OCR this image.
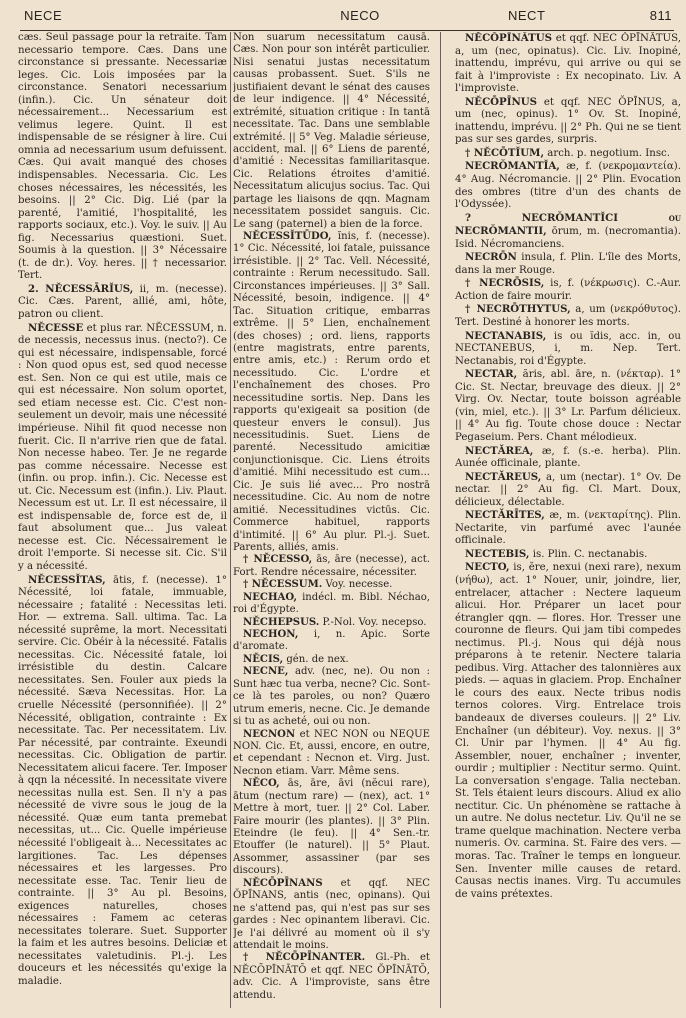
NECE	NECO	NECT	811

cæs. Seul passage pour la retraite. Tam necessario tempore. Cæs. Dans une circonstance si pressante. Necessariæ leges. Cic. Lois imposées par la circonstance. Senatori necessarium (infin.). Cic. Un sénateur doit nécessairement... Necessarium est velimus legere. Quint. Il est indispensable de se résigner à lire. Cui omnia ad necessarium usum defuissent. Cæs. Qui avait manqué des choses indispensables. Necessaria. Cic. Les choses nécessaires, les nécessités, les besoins. || 2° Cic. Dig. Lié (par la parenté, l'amitié, l'hospitalité, les rapports sociaux, etc.). Voy. le suiv. || Au fig. Necessarius quæstioni. Suet. Soumis à la question. || 3° Nécessaire (t. de dr.). Voy. heres. || † necessarior. Tert.

2. NĔCESSĀRĬUS, ii, m. (necesse). Cic. Cæs. Parent, allié, ami, hôte, patron ou client.

NĔCESSE et plus rar. NĔCESSUM, n. de necessis, necessus inus. (necto?). Ce qui est nécessaire, indispensable, forcé : Non quod opus est, sed quod necesse est. Sen. Non ce qui est utile, mais ce qui est nécessaire. Non solum oportet, sed etiam necesse est. Cic. C'est non-seulement un devoir, mais une nécessité impérieuse. Nihil fit quod necesse non fuerit. Cic. Il n'arrive rien que de fatal. Non necesse habeo. Ter. Je ne regarde pas comme nécessaire. Necesse est (infin. ou prop. infin.). Cic. Necesse est ut. Cic. Necessum est (infin.). Liv. Plaut. Necessum est ut. Lr. Il est nécessaire, il est indispensable de, force est de, il faut absolument que... Jus valeat necesse est. Cic. Nécessairement le droit l'emporte. Si necesse sit. Cic. S'il y a nécessité.

NĔCESSĬTAS, ātis, f. (necesse). 1° Nécessité, loi fatale, immuable, nécessaire ; fatalité : Necessitas leti. Hor. — extrema. Sall. ultima. Tac. La nécessité suprême, la mort. Necessitati servire. Cic. Obéir à la nécessité. Fatalis necessitas. Cic. Nécessité fatale, loi irrésistible du destin. Calcare necessitates. Sen. Fouler aux pieds la nécessité. Sæva Necessitas. Hor. La cruelle Nécessité (personnifiée). || 2° Nécessité, obligation, contrainte : Ex necessitate. Tac. Per necessitatem. Liv. Par nécessité, par contrainte. Exeundi necessitas. Cic. Obligation de partir. Necessitatem alicui facere. Ter. Imposer à qqn la nécessité. In necessitate vivere necessitas nulla est. Sen. Il n'y a pas nécessité de vivre sous le joug de la nécessité. Quæ eum tanta premebat necessitas, ut... Cic. Quelle impérieuse nécessité l'obligeait à... Necessitates ac largitiones. Tac. Les dépenses nécessaires et les largesses. Pro necessitate esse. Tac. Tenir lieu de contrainte. || 3° Au pl. Besoins, exigences naturelles, choses nécessaires : Famem ac ceteras necessitates tolerare. Suet. Supporter la faim et les autres besoins. Deliciæ et necessitates valetudinis. Pl.-j. Les douceurs et les nécessités qu'exige la maladie.

Non suarum necessitatum causā. Cæs. Non pour son intérêt particulier. Nisi senatui justas necessitatum causas probassent. Suet. S'ils ne justifiaient devant le sénat des causes de leur indigence. || 4° Nécessité, extrémité, situation critique : In tantā necessitate. Tac. Dans une semblable extrémité. || 5° Veg. Maladie sérieuse, accident, mal. || 6° Liens de parenté, d'amitié : Necessitas familiaritasque. Cic. Relations étroites d'amitié. Necessitatum alicujus socius. Tac. Qui partage les liaisons de qqn. Magnam necessitatem possidet sanguis. Cic. Le sang (paternel) a bien de la force.

NĔCESSĬTŪDO, ĭnis, f. (necesse). 1° Cic. Nécessité, loi fatale, puissance irrésistible. || 2° Tac. Vell. Nécessité, contrainte : Rerum necessitudo. Sall. Circonstances impérieuses. || 3° Sall. Nécessité, besoin, indigence. || 4° Tac. Situation critique, embarras extrême. || 5° Lien, enchaînement (des choses) ; ord. liens, rapports (entre magistrats, entre parents, entre amis, etc.) : Rerum ordo et necessitudo. Cic. L'ordre et l'enchaînement des choses. Pro necessitudine sortis. Nep. Dans les rapports qu'exigeait sa position (de questeur envers le consul). Jus necessitudinis. Suet. Liens de parenté. Necessitudo amicitiæ conjunctionisque. Cic. Liens étroits d'amitié. Mihi necessitudo est cum... Cic. Je suis lié avec... Pro nostrā necessitudine. Cic. Au nom de notre amitié. Necessitudines victūs. Cic. Commerce habituel, rapports d'intimité. || 6° Au plur. Pl.-j. Suet. Parents, alliés, amis.

† NĔCESSO, ās, āre (necesse), act. Fort. Rendre nécessaire, nécessiter.

† NĔCESSUM. Voy. necesse.

NECHAO, indécl. m. Bibl. Néchao, roi d'Égypte.

NĔCHEPSUS. P.-Nol. Voy. necepso.

NECHON, i, n. Apic. Sorte d'aromate.

NĔCIS, gén. de nex.

NECNE, adv. (nec, ne). Ou non : Sunt hæc tua verba, necne? Cic. Sont-ce là tes paroles, ou non? Quæro utrum emeris, necne. Cic. Je demande si tu as acheté, oui ou non.

NECNON et NEC NON ou NEQUE NON. Cic. Et, aussi, encore, en outre, et cependant : Necnon et. Virg. Just. Necnon etiam. Varr. Même sens.

NĔCO, ās, āre, āvi (nĕcui rare), ātum (nectum rare) — (nex), act. 1° Mettre à mort, tuer. || 2° Col. Laber. Faire mourir (les plantes). || 3° Plin. Eteindre (le feu). || 4° Sen.-tr. Etouffer (le naturel). || 5° Plaut. Assommer, assassiner (par ses discours).

NĔCŌPĪNANS et qqf. NEC ŎPĪNANS, antis (nec, opinans). Qui ne s'attend pas, qui n'est pas sur ses gardes : Nec opinantem liberavi. Cic. Je l'ai délivré au moment où il s'y attendait le moins.

† NĔCŌPĪNANTER. Gl.-Ph. et NĔCŌPĪNĀTŌ et qqf. NEC ŎPĪNĀTŌ, adv. Cic. A l'improviste, sans être attendu.

NĔCŌPĪNĀTUS et qqf. NEC ŎPĪNĀTUS, a, um (nec, opinatus). Cic. Liv. Inopiné, inattendu, imprévu, qui arrive ou qui se fait à l'improviste : Ex necopinato. Liv. A l'improviste.

NĔCŌPĪNUS et qqf. NEC ŎPĪNUS, a, um (nec, opinus). 1° Ov. St. Inopiné, inattendu, imprévu. || 2° Ph. Qui ne se tient pas sur ses gardes, surpris.

† NĔCŌTĬUM, arch. p. negotium. Insc.

NECRŎMANTĬA, æ, f. (νεκρομαντεία). 4° Aug. Nécromancie. || 2° Plin. Evocation des ombres (titre d'un des chants de l'Odyssée).

? NECRŎMANTĬCI ou NECRŎMANTII, ōrum, m. (necromantia). Isid. Nécromanciens.

NECRŌN insula, f. Plin. L'île des Morts, dans la mer Rouge.

† NECRŌSIS, is, f. (νέκρωσις). C.-Aur. Action de faire mourir.

† NECRŌTHYTUS, a, um (νεκρόθυτος). Tert. Destiné à honorer les morts.

NECTANABIS, is ou ĭdis, acc. in, ou NECTANEBUS, i, m. Nep. Tert. Nectanabis, roi d'Égypte.

NECTAR, ăris, abl. āre, n. (νέκταρ). 1° Cic. St. Nectar, breuvage des dieux. || 2° Virg. Ov. Nectar, toute boisson agréable (vin, miel, etc.). || 3° Lr. Parfum délicieux. || 4° Au fig. Toute chose douce : Nectar Pegaseium. Pers. Chant mélodieux.

NECTĂREA, æ, f. (s.-e. herba). Plin. Aunée officinale, plante.

NECTĂREUS, a, um (nectar). 1° Ov. De nectar. || 2° Au fig. Cl. Mart. Doux, délicieux, délectable.

NECTĂRĪTES, æ, m. (νεκταρίτης). Plin. Nectarite, vin parfumé avec l'aunée officinale.

NECTEBIS, is. Plin. C. nectanabis.

NECTO, is, ĕre, nexui (nexi rare), nexum (νήθω), act. 1° Nouer, unir, joindre, lier, entrelacer, attacher : Nectere laqueum alicui. Hor. Préparer un lacet pour étrangler qqn. — flores. Hor. Tresser une couronne de fleurs. Qui jam tibi compedes nectimus. Pl.-j. Nous qui déjà nous préparons à te retenir. Nectere talaria pedibus. Virg. Attacher des talonnières aux pieds. — aquas in glaciem. Prop. Enchaîner le cours des eaux. Necte tribus nodis ternos colores. Virg. Entrelace trois bandeaux de diverses couleurs. || 2° Liv. Enchaîner (un débiteur). Voy. nexus. || 3° Cl. Unir par l'hymen. || 4° Au fig. Assembler, nouer, enchaîner ; inventer, ourdir ; multiplier : Nectitur sermo. Quint. La conversation s'engage. Talia necteban. St. Tels étaient leurs discours. Aliud ex alio nectitur. Cic. Un phénomène se rattache à un autre. Ne dolus nectetur. Liv. Qu'il ne se trame quelque machination. Nectere verba numeris. Ov. carmina. St. Faire des vers. — moras. Tac. Traîner le temps en longueur. Sen. Inventer mille causes de retard. Causas nectis inanes. Virg. Tu accumules de vains prétextes.
